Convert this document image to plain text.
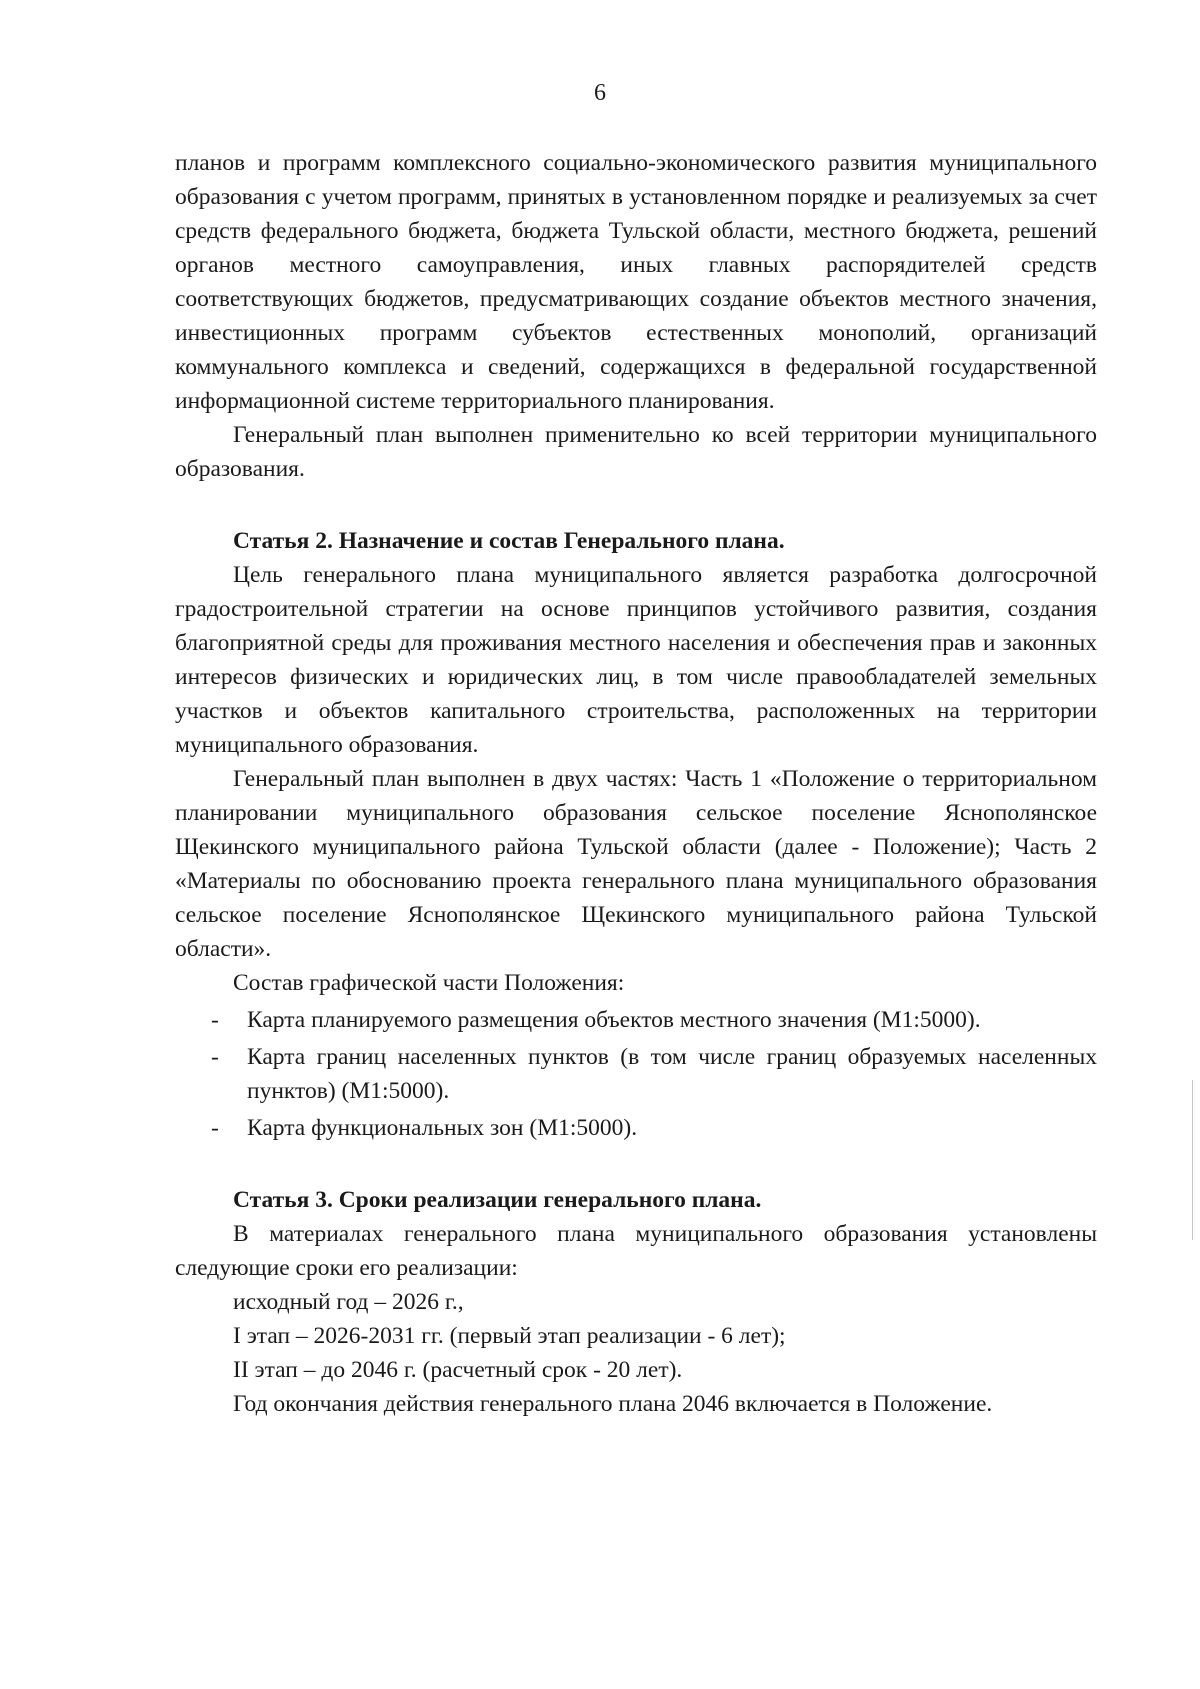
6

планов и программ комплексного социально-экономического развития муниципального образования с учетом программ, принятых в установленном порядке и реализуемых за счет средств федерального бюджета, бюджета Тульской области, местного бюджета, решений органов местного самоуправления, иных главных распорядителей средств соответствующих бюджетов, предусматривающих создание объектов местного значения, инвестиционных программ субъектов естественных монополий, организаций коммунального комплекса и сведений, содержащихся в федеральной государственной информационной системе территориального планирования.

Генеральный план выполнен применительно ко всей территории муниципального образования.

Статья 2. Назначение и состав Генерального плана.

Цель генерального плана муниципального является разработка долгосрочной градостроительной стратегии на основе принципов устойчивого развития, создания благоприятной среды для проживания местного населения и обеспечения прав и законных интересов физических и юридических лиц, в том числе правообладателей земельных участков и объектов капитального строительства, расположенных на территории муниципального образования.

Генеральный план выполнен в двух частях: Часть 1 «Положение о территориальном планировании муниципального образования сельское поселение Яснополянское Щекинского муниципального района Тульской области (далее - Положение); Часть 2 «Материалы по обоснованию проекта генерального плана муниципального образования сельское поселение Яснополянское Щекинского муниципального района Тульской области».

Состав графической части Положения:

- Карта планируемого размещения объектов местного значения (М1:5000).
- Карта границ населенных пунктов (в том числе границ образуемых населенных пунктов) (М1:5000).
- Карта функциональных зон (М1:5000).

Статья 3. Сроки реализации генерального плана.

В материалах генерального плана муниципального образования установлены следующие сроки его реализации:

исходный год – 2026 г.,

I этап – 2026-2031 гг. (первый этап реализации - 6 лет);

II этап – до 2046 г. (расчетный срок - 20 лет).

Год окончания действия генерального плана 2046 включается в Положение.
